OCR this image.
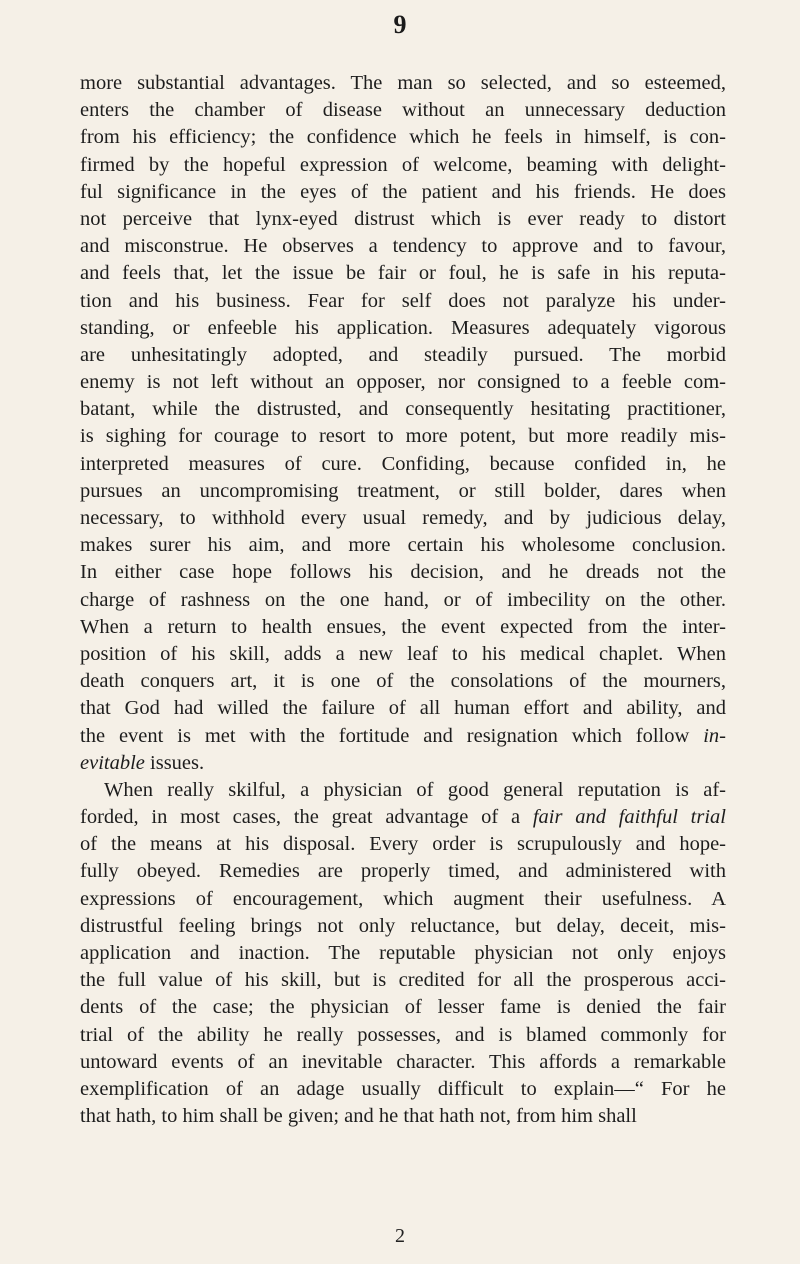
9
more substantial advantages. The man so selected, and so esteemed,
enters the chamber of disease without an unnecessary deduction
from his efficiency; the confidence which he feels in himself, is con-
firmed by the hopeful expression of welcome, beaming with delight-
ful significance in the eyes of the patient and his friends. He does
not perceive that lynx-eyed distrust which is ever ready to distort
and misconstrue. He observes a tendency to approve and to favour,
and feels that, let the issue be fair or foul, he is safe in his reputa-
tion and his business. Fear for self does not paralyze his under-
standing, or enfeeble his application. Measures adequately vigorous
are unhesitatingly adopted, and steadily pursued. The morbid
enemy is not left without an opposer, nor consigned to a feeble com-
batant, while the distrusted, and consequently hesitating practitioner,
is sighing for courage to resort to more potent, but more readily mis-
interpreted measures of cure. Confiding, because confided in, he
pursues an uncompromising treatment, or still bolder, dares when
necessary, to withhold every usual remedy, and by judicious delay,
makes surer his aim, and more certain his wholesome conclusion.
In either case hope follows his decision, and he dreads not the
charge of rashness on the one hand, or of imbecility on the other.
When a return to health ensues, the event expected from the inter-
position of his skill, adds a new leaf to his medical chaplet. When
death conquers art, it is one of the consolations of the mourners,
that God had willed the failure of all human effort and ability, and
the event is met with the fortitude and resignation which follow in-
evitable issues.
When really skilful, a physician of good general reputation is af-
forded, in most cases, the great advantage of a fair and faithful trial
of the means at his disposal. Every order is scrupulously and hope-
fully obeyed. Remedies are properly timed, and administered with
expressions of encouragement, which augment their usefulness. A
distrustful feeling brings not only reluctance, but delay, deceit, mis-
application and inaction. The reputable physician not only enjoys
the full value of his skill, but is credited for all the prosperous acci-
dents of the case; the physician of lesser fame is denied the fair
trial of the ability he really possesses, and is blamed commonly for
untoward events of an inevitable character. This affords a remarkable
exemplification of an adage usually difficult to explain—“ For he
that hath, to him shall be given; and he that hath not, from him shall
2
